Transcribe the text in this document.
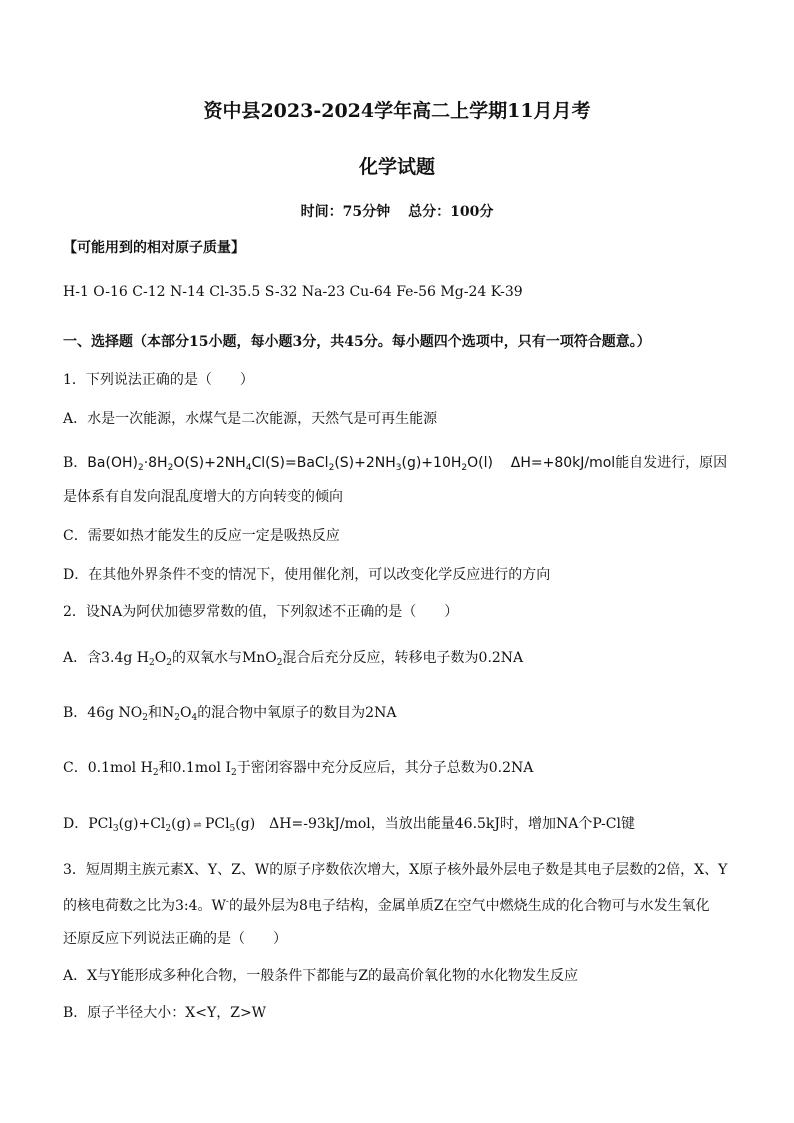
资中县2023-2024学年高二上学期11月月考
化学试题
时间：75分钟 总分：100分
【可能用到的相对原子质量】
H-1 O-16 C-12 N-14 Cl-35.5 S-32 Na-23 Cu-64 Fe-56 Mg-24 K-39
一、选择题（本部分15小题，每小题3分，共45分。每小题四个选项中，只有一项符合题意。）
1．下列说法正确的是（　　）
A．水是一次能源，水煤气是二次能源，天然气是可再生能源
B．$Ba(OH)_2\cdot 8H_2O(S)+2NH_4Cl(S)=BaCl_2(S)+2NH_3(g)+10H_2O(l)$    ΔH=+80kJ/mol能自发进行，原因
是体系有自发向混乱度增大的方向转变的倾向
C．需要如热才能发生的反应一定是吸热反应
D．在其他外界条件不变的情况下，使用催化剂，可以改变化学反应进行的方向
2．设NA为阿伏加德罗常数的值，下列叙述不正确的是（　　）
A．含3.4g $H_2O_2$的双氧水与MnO$_2$混合后充分反应，转移电子数为0.2NA
B．46g $NO_2$和$N_2O_4$的混合物中氧原子的数目为2NA
C．0.1mol $H_2$和0.1mol $I_2$于密闭容器中充分反应后，其分子总数为0.2NA
D．$PCl_3(g)+Cl_2(g)$ ⇌  PCl$_5$(g)　ΔH=-93kJ/mol，当放出能量46.5kJ时，增加NA个P-Cl键
3．短周期主族元素X、Y、Z、W的原子序数依次增大，X原子核外最外层电子数是其电子层数的2倍，X、Y
的核电荷数之比为3:4。W-的最外层为8电子结构，金属单质Z在空气中燃烧生成的化合物可与水发生氧化
还原反应下列说法正确的是（　　）
A．X与Y能形成多种化合物，一般条件下都能与Z的最高价氧化物的水化物发生反应
B．原子半径大小：X<Y，Z>W
